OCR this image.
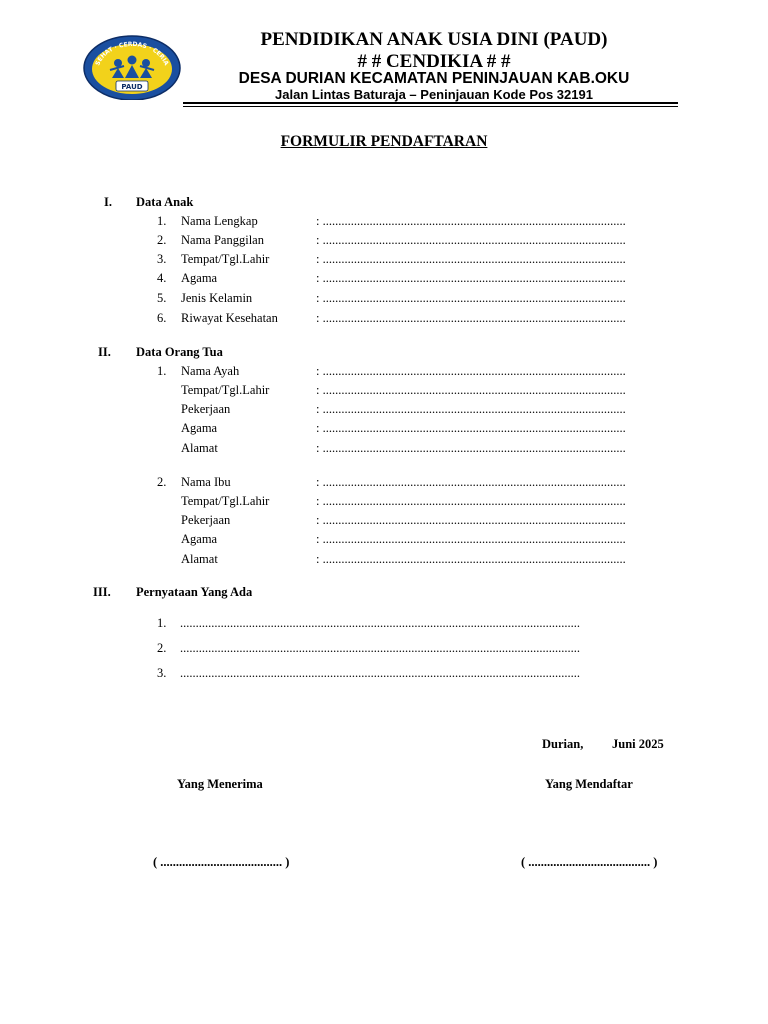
SEHAT · CERDAS · CERIA
PAUD
PENDIDIKAN ANAK USIA DINI (PAUD)
# # CENDIKIA # #
DESA DURIAN KECAMATAN PENINJAUAN KAB.OKU
Jalan Lintas Baturaja – Peninjauan Kode Pos 32191
FORMULIR PENDAFTARAN
I. Data Anak
1. Nama Lengkap	: .................................................................................................
2. Nama Panggilan	: .................................................................................................
3. Tempat/Tgl.Lahir	: .................................................................................................
4. Agama	: .................................................................................................
5. Jenis Kelamin	: .................................................................................................
6. Riwayat Kesehatan	: .................................................................................................
II. Data Orang Tua
1. Nama Ayah	: .................................................................................................
Tempat/Tgl.Lahir	: .................................................................................................
Pekerjaan	: .................................................................................................
Agama	: .................................................................................................
Alamat	: .................................................................................................
2. Nama Ibu	: .................................................................................................
Tempat/Tgl.Lahir	: .................................................................................................
Pekerjaan	: .................................................................................................
Agama	: .................................................................................................
Alamat	: .................................................................................................
III. Pernyataan Yang Ada
1. ................................................................................................................................
2. ................................................................................................................................
3. ................................................................................................................................
Durian, Juni 2025
Yang Menerima	Yang Mendaftar
( ....................................... )	( ....................................... )
